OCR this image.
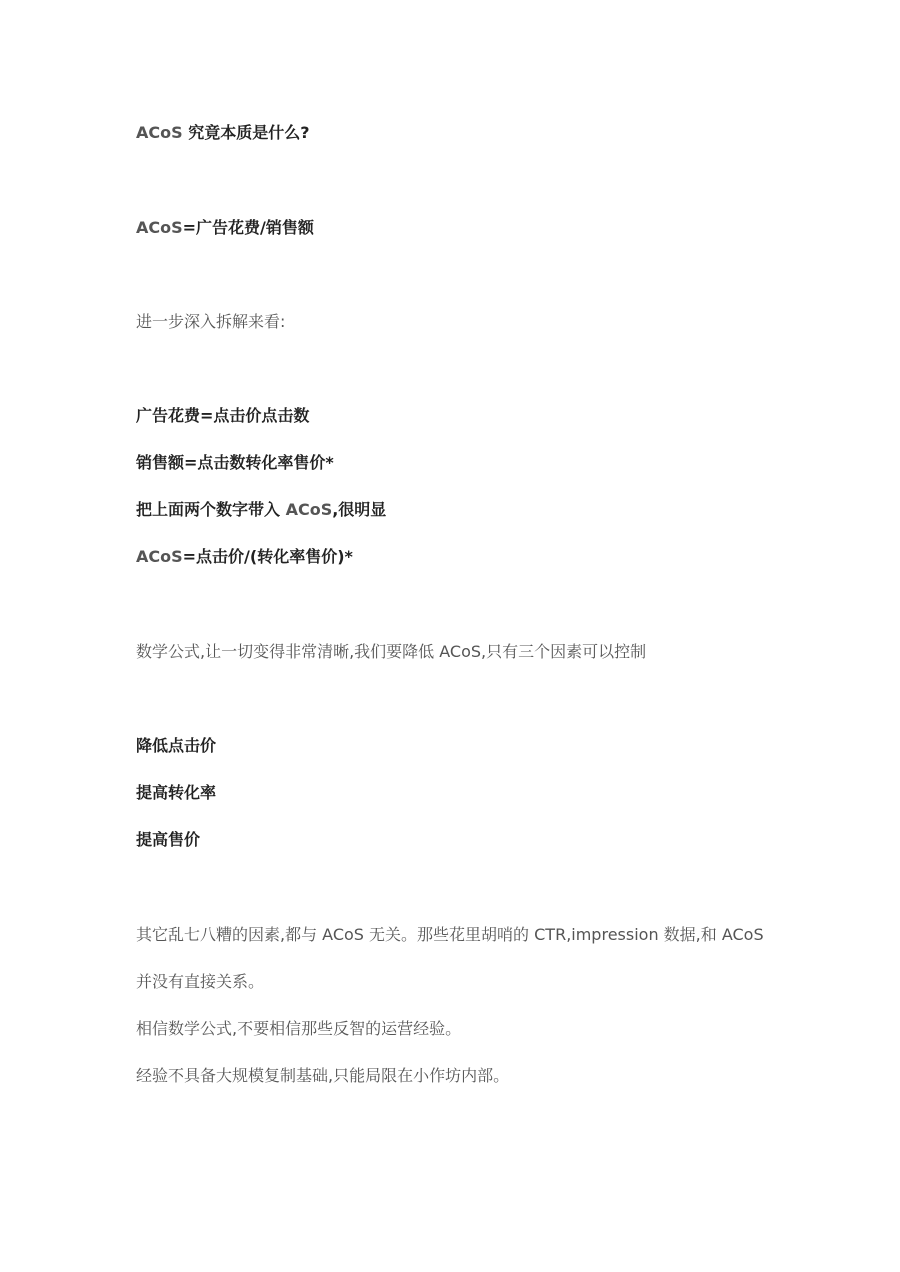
ACoS 究竟本质是什么?

ACoS=广告花费/销售额

进一步深入拆解来看:

广告花费=点击价点击数

销售额=点击数转化率售价*

把上面两个数字带入 ACoS,很明显

ACoS=点击价/(转化率售价)*

数学公式,让一切变得非常清晰,我们要降低 ACoS,只有三个因素可以控制

降低点击价

提高转化率

提高售价

其它乱七八糟的因素,都与 ACoS 无关。那些花里胡哨的 CTR,impression 数据,和 ACoS

并没有直接关系。

相信数学公式,不要相信那些反智的运营经验。

经验不具备大规模复制基础,只能局限在小作坊内部。
